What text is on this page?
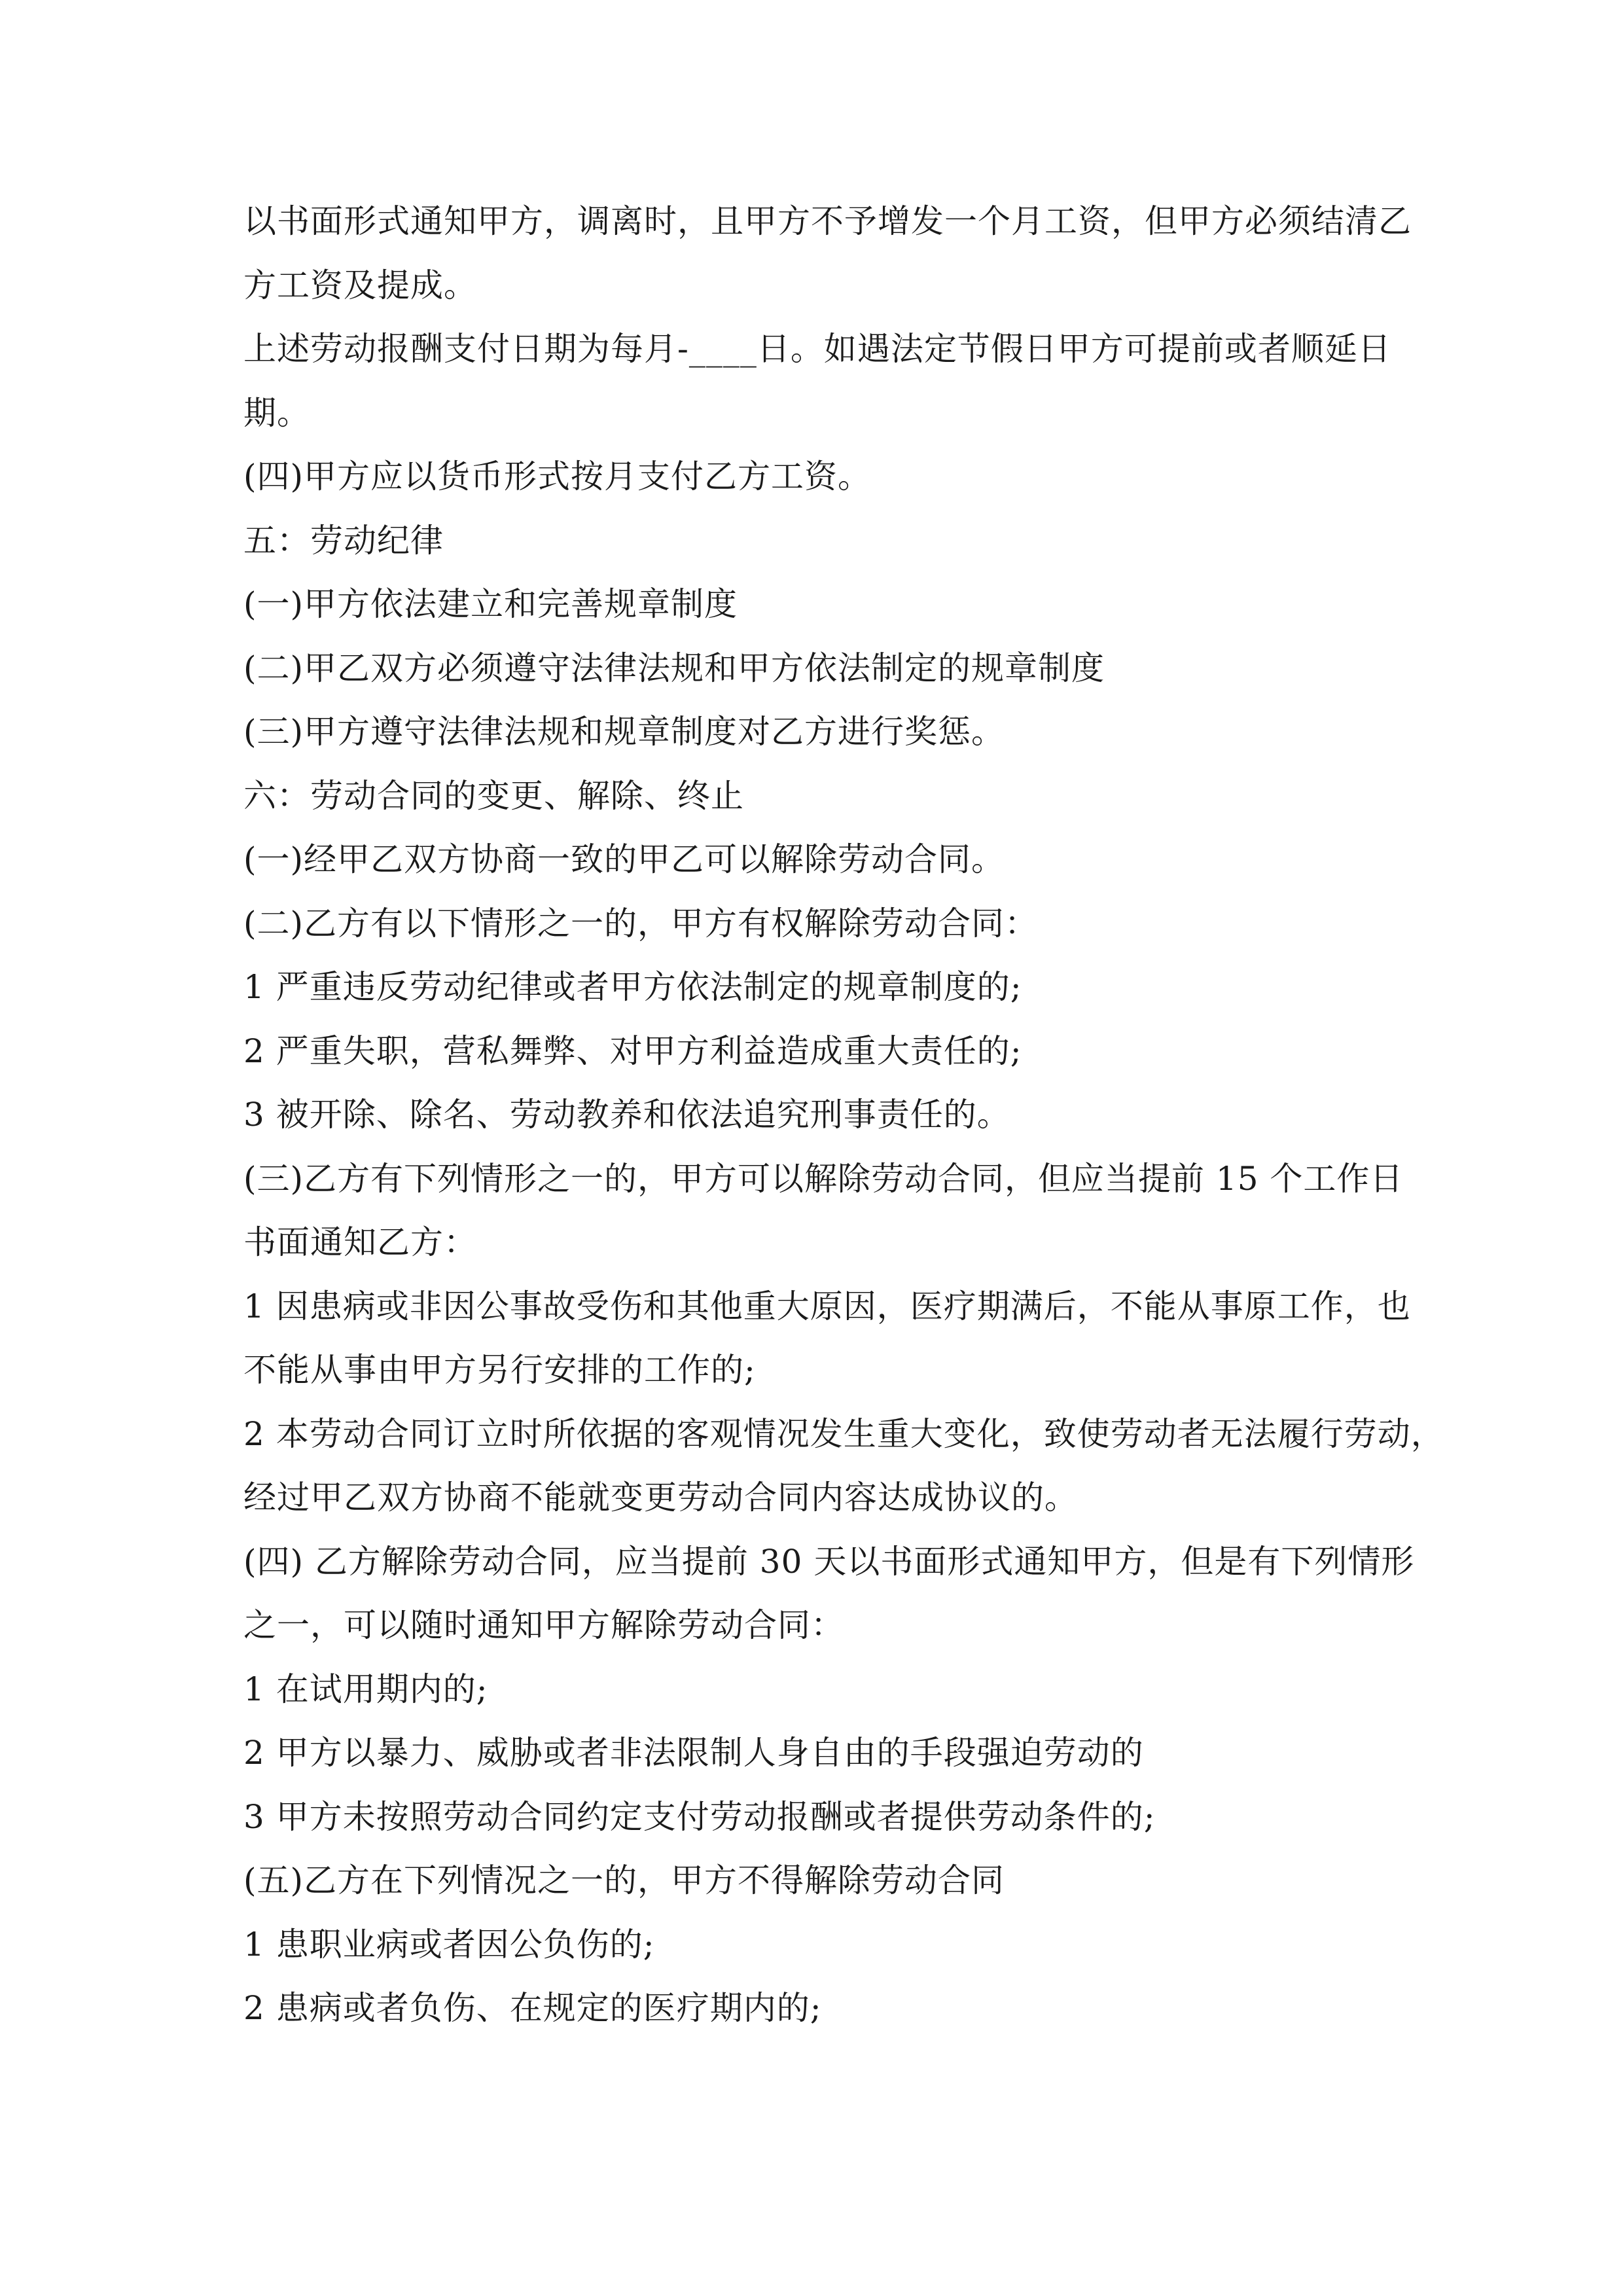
以书面形式通知甲方，调离时，且甲方不予增发一个月工资，但甲方必须结清乙
方工资及提成。
上述劳动报酬支付日期为每月-____日。如遇法定节假日甲方可提前或者顺延日
期。
(四)甲方应以货币形式按月支付乙方工资。
五：劳动纪律
(一)甲方依法建立和完善规章制度
(二)甲乙双方必须遵守法律法规和甲方依法制定的规章制度
(三)甲方遵守法律法规和规章制度对乙方进行奖惩。
六：劳动合同的变更、解除、终止
(一)经甲乙双方协商一致的甲乙可以解除劳动合同。
(二)乙方有以下情形之一的，甲方有权解除劳动合同：
1 严重违反劳动纪律或者甲方依法制定的规章制度的;
2 严重失职，营私舞弊、对甲方利益造成重大责任的;
3 被开除、除名、劳动教养和依法追究刑事责任的。
(三)乙方有下列情形之一的，甲方可以解除劳动合同，但应当提前 15 个工作日
书面通知乙方：
1 因患病或非因公事故受伤和其他重大原因，医疗期满后，不能从事原工作，也
不能从事由甲方另行安排的工作的;
2 本劳动合同订立时所依据的客观情况发生重大变化，致使劳动者无法履行劳动，
经过甲乙双方协商不能就变更劳动合同内容达成协议的。
(四) 乙方解除劳动合同，应当提前 30 天以书面形式通知甲方，但是有下列情形
之一，可以随时通知甲方解除劳动合同：
1 在试用期内的;
2 甲方以暴力、威胁或者非法限制人身自由的手段强迫劳动的
3 甲方未按照劳动合同约定支付劳动报酬或者提供劳动条件的;
(五)乙方在下列情况之一的，甲方不得解除劳动合同
1 患职业病或者因公负伤的;
2 患病或者负伤、在规定的医疗期内的;
